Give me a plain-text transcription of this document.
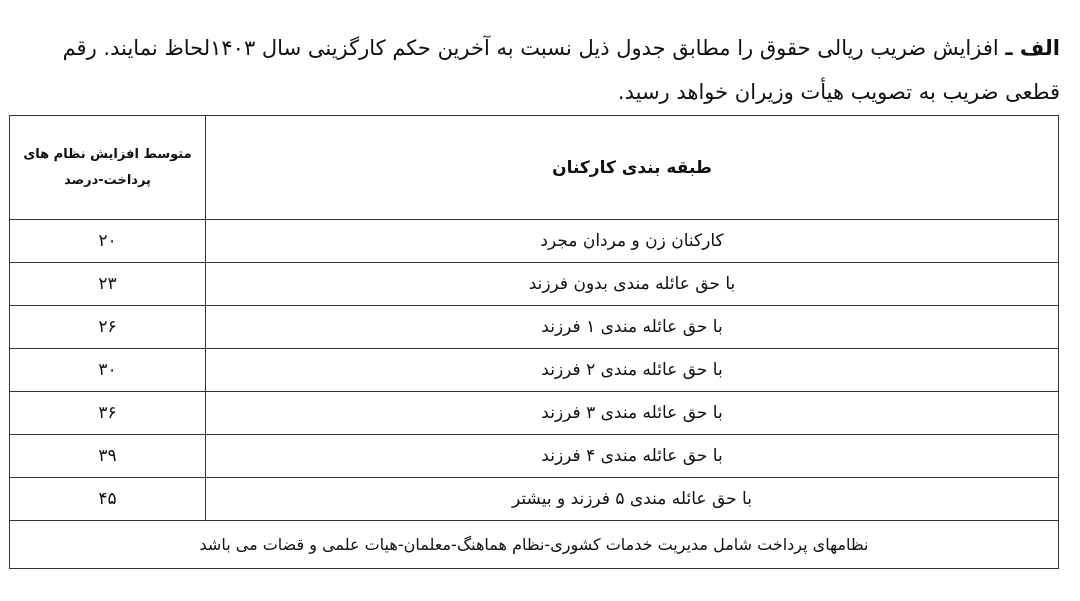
الف ـ افزایش ضریب ریالی حقوق را مطابق جدول ذیل نسبت به آخرین حکم کارگزینی سال ۱۴۰۳لحاظ نمایند. رقم قطعی ضریب به تصویب هیأت وزیران خواهد رسید.
طبقه بندی کارکنان	متوسط افزایش نظام های
پرداخت-درصد

کارکنان زن و مردان مجرد	۲۰
با حق عائله مندی بدون فرزند	۲۳
با حق عائله مندی ۱ فرزند	۲۶
با حق عائله مندی ۲ فرزند	۳۰
با حق عائله مندی ۳ فرزند	۳۶
با حق عائله مندی ۴ فرزند	۳۹
با حق عائله مندی ۵ فرزند و بیشتر	۴۵
نظامهای پرداخت شامل مدیریت خدمات کشوری-نظام هماهنگ-معلمان-هیات علمی و قضات می باشد	
